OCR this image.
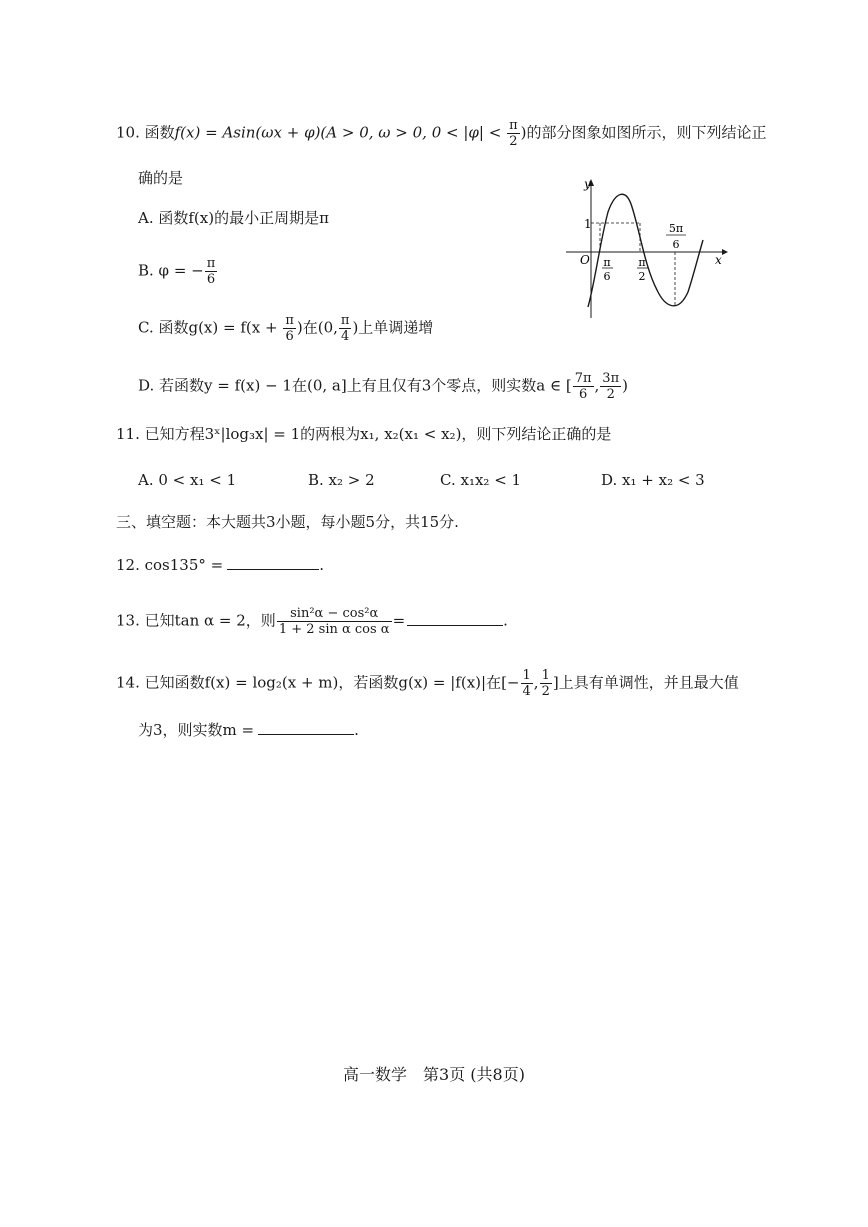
10. 函数f(x) = Asin(ωx + φ)(A > 0, ω > 0, $0 < |\varphi| < \frac{\pi}{2}$ )的部分图象如图所示，则下列结论正
确的是
A. 函数f(x)的最小正周期是π
B. φ = − $\frac{\pi}{6}$
C. 函数$g(x) = f(x + \frac{\pi}{6}$ )在(0, $\frac{\pi}{4}$ )上单调递增
D. 若函数y = f(x) − 1在(0, a]上有且仅有3个零点，则实数a ∈ [ $\frac{7\pi}{6}$ , $\frac{3\pi}{2}$ )
y
x
O
1
π
6
π
2
5π
6
11. 已知方程3ˣ|log₃x| = 1的两根为x₁, x₂(x₁ < x₂)，则下列结论正确的是
A. 0 < x₁ < 1	B. x₂ > 2	C. x₁x₂ < 1	D. x₁ + x₂ < 3
三、填空题：本大题共3小题，每小题5分，共15分.
12. cos135° =	.
13. 已知tan α = 2，则 $\frac{\text{sin²α − cos²α}}{\text{1 + 2 sin α cos α}}$ =	.
14. 已知函数f(x) = log₂(x + m)，若函数g(x) = |f(x)|在[− $\frac{1}{4}$ , $\frac{1}{2}$ ]上具有单调性，并且最大值
为3，则实数m =	.
高一数学　第3页 (共8页)
